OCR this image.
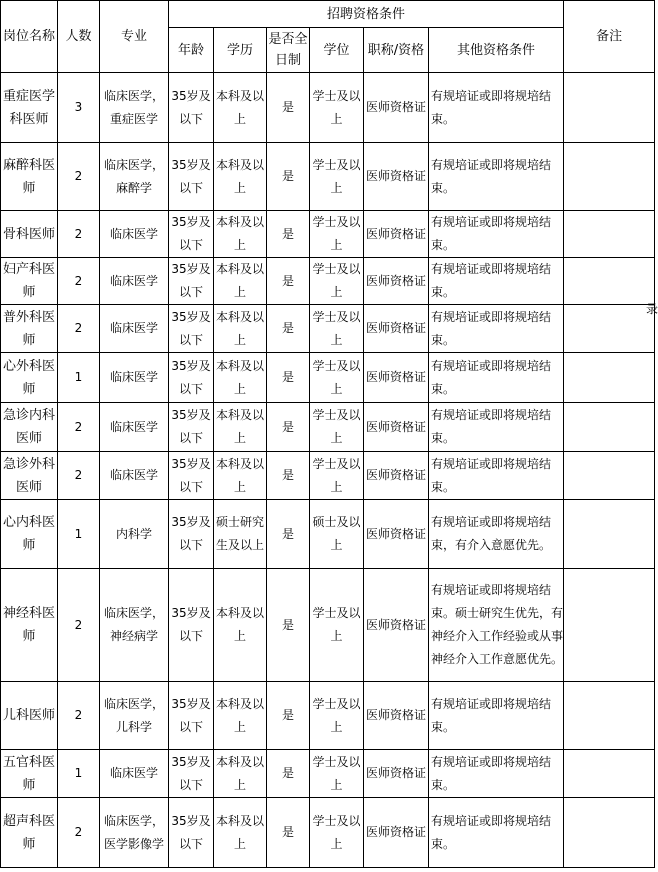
岗位名称	人数	专业	招聘资格条件						备注
			年龄	学历	是否全日制	学位	职称/资格	其他资格条件	
重症医学科医师	3	临床医学，重症医学	35岁及以下	本科及以上	是	学士及以上	医师资格证	有规培证或即将规培结束。	
麻醉科医师	2	临床医学，麻醉学	35岁及以下	本科及以上	是	学士及以上	医师资格证	有规培证或即将规培结束。	
骨科医师	2	临床医学	35岁及以下	本科及以上	是	学士及以上	医师资格证	有规培证或即将规培结束。	
妇产科医师	2	临床医学	35岁及以下	本科及以上	是	学士及以上	医师资格证	有规培证或即将规培结束。	
普外科医师	2	临床医学	35岁及以下	本科及以上	是	学士及以上	医师资格证	有规培证或即将规培结束。	
心外科医师	1	临床医学	35岁及以下	本科及以上	是	学士及以上	医师资格证	有规培证或即将规培结束。	
急诊内科医师	2	临床医学	35岁及以下	本科及以上	是	学士及以上	医师资格证	有规培证或即将规培结束。	
急诊外科医师	2	临床医学	35岁及以下	本科及以上	是	学士及以上	医师资格证	有规培证或即将规培结束。	
心内科医师	1	内科学	35岁及以下	硕士研究生及以上	是	硕士及以上	医师资格证	有规培证或即将规培结束，有介入意愿优先。	
神经科医师	2	临床医学，神经病学	35岁及以下	本科及以上	是	学士及以上	医师资格证	有规培证或即将规培结束。硕士研究生优先，有神经介入工作经验或从事神经介入工作意愿优先。	
儿科医师	2	临床医学，儿科学	35岁及以下	本科及以上	是	学士及以上	医师资格证	有规培证或即将规培结束。	
五官科医师	1	临床医学	35岁及以下	本科及以上	是	学士及以上	医师资格证	有规培证或即将规培结束。	
超声科医师	2	临床医学，医学影像学	35岁及以下	本科及以上	是	学士及以上	医师资格证	有规培证或即将规培结束。	
录
